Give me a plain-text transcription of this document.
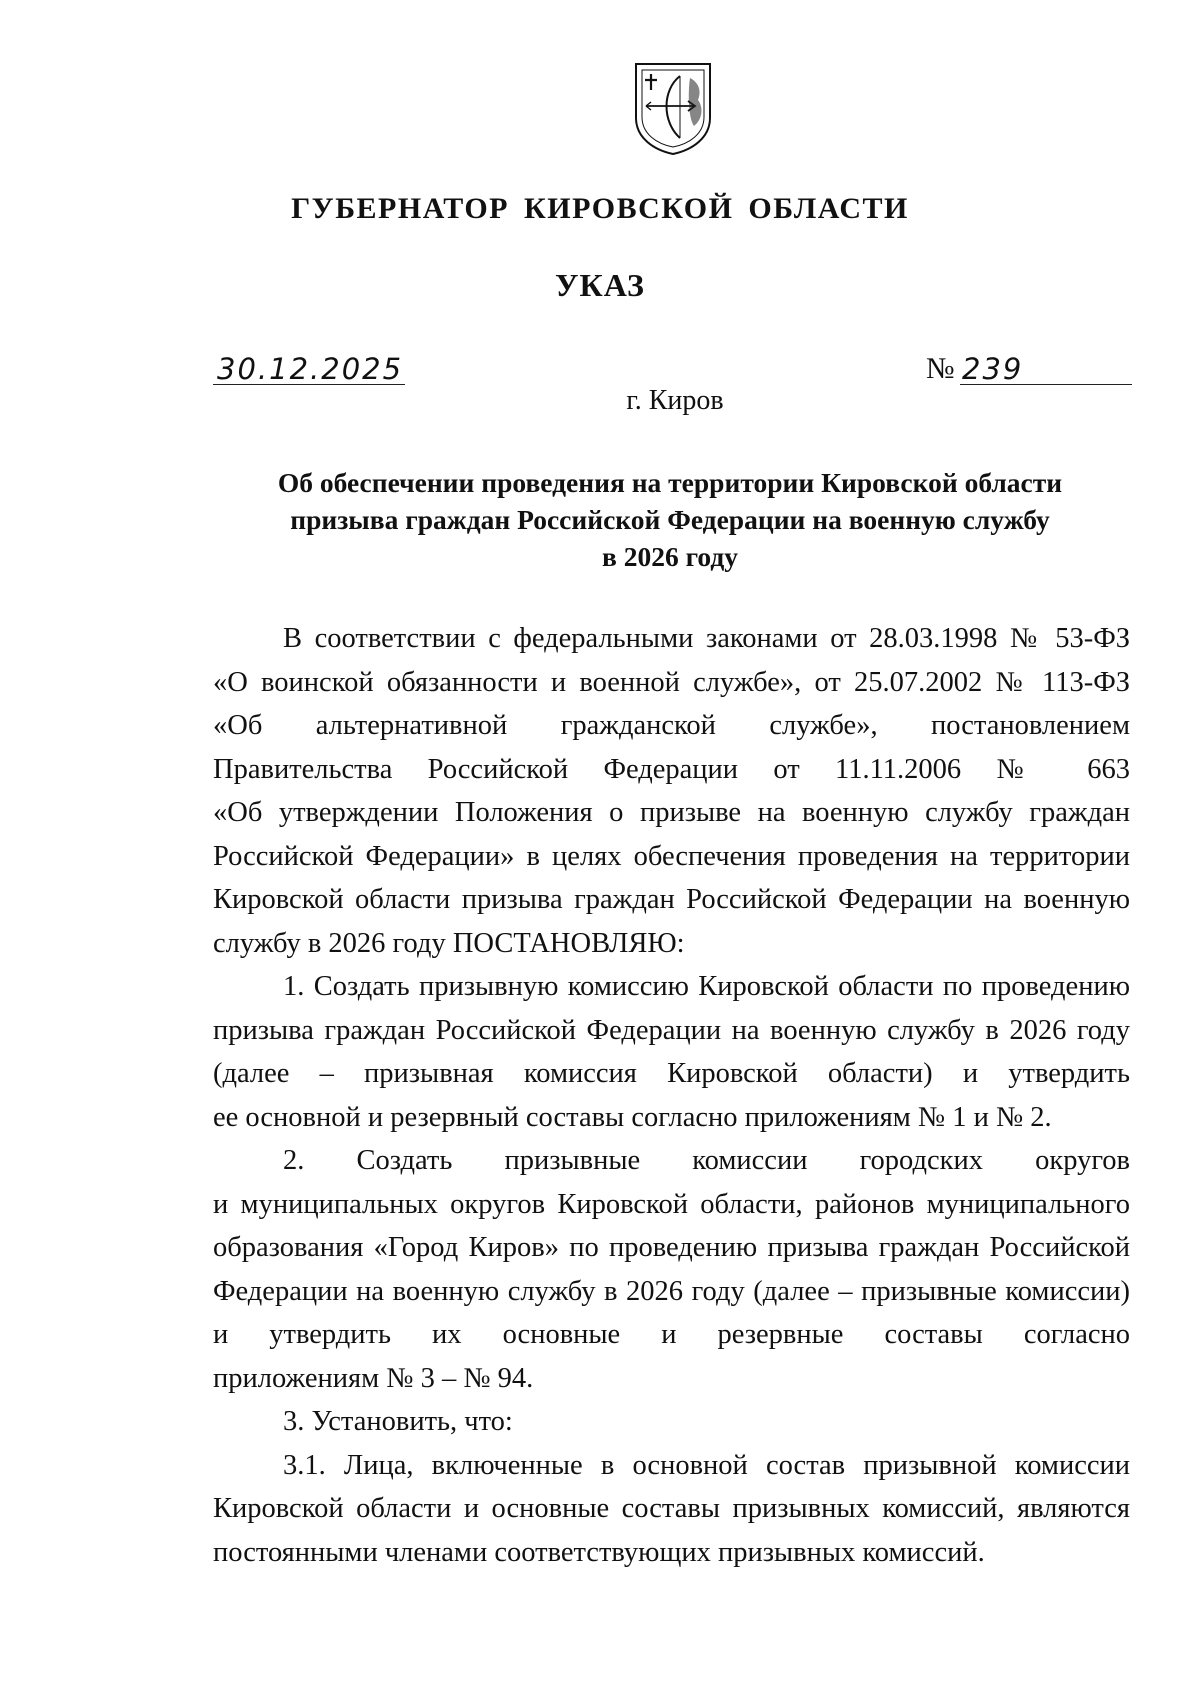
ГУБЕРНАТОР КИРОВСКОЙ ОБЛАСТИ
УКАЗ
30.12.2025	№ 239
г. Киров
Об обеспечении проведения на территории Кировской области
призыва граждан Российской Федерации на военную службу
в 2026 году
В соответствии с федеральными законами от 28.03.1998 № 53-ФЗ
«О воинской обязанности и военной службе», от 25.07.2002 № 113-ФЗ
«Об альтернативной гражданской службе», постановлением
Правительства Российской Федерации от 11.11.2006 № 663
«Об утверждении Положения о призыве на военную службу граждан
Российской Федерации» в целях обеспечения проведения на территории
Кировской области призыва граждан Российской Федерации на военную
службу в 2026 году ПОСТАНОВЛЯЮ:
1. Создать призывную комиссию Кировской области по проведению
призыва граждан Российской Федерации на военную службу в 2026 году
(далее – призывная комиссия Кировской области) и утвердить
ее основной и резервный составы согласно приложениям № 1 и № 2.
2. Создать призывные комиссии городских округов
и муниципальных округов Кировской области, районов муниципального
образования «Город Киров» по проведению призыва граждан Российской
Федерации на военную службу в 2026 году (далее – призывные комиссии)
и утвердить их основные и резервные составы согласно
приложениям № 3 – № 94.
3. Установить, что:
3.1. Лица, включенные в основной состав призывной комиссии
Кировской области и основные составы призывных комиссий, являются
постоянными членами соответствующих призывных комиссий.
